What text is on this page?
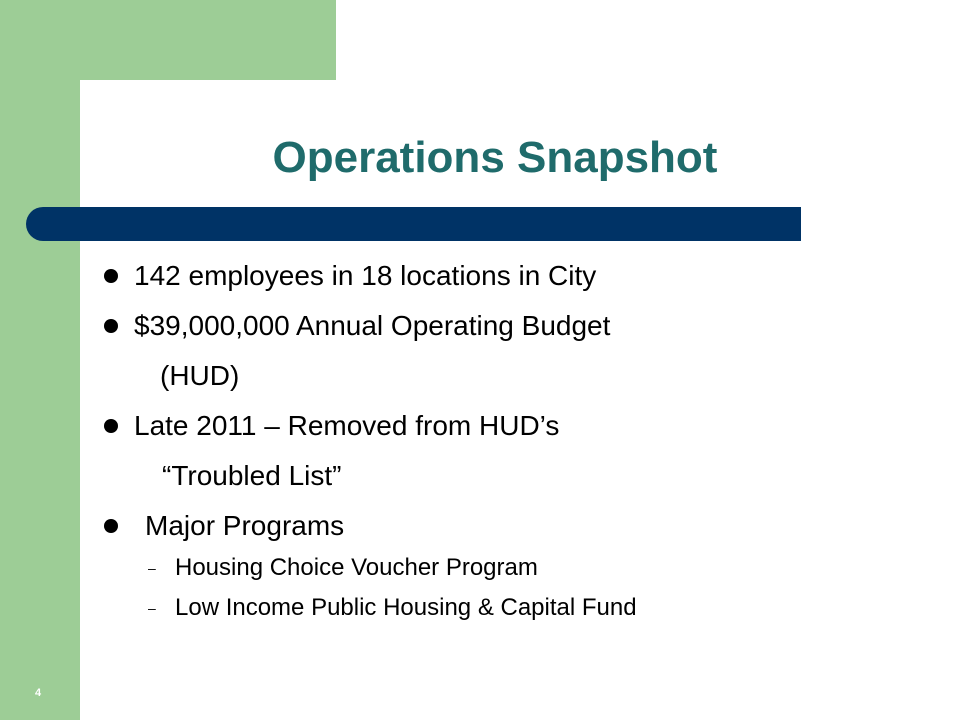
Operations Snapshot
142 employees in 18 locations in City
$39,000,000 Annual Operating Budget
(HUD)
Late 2011 – Removed from HUD’s
“Troubled List”
Major Programs
– Housing Choice Voucher Program
– Low Income Public Housing & Capital Fund
4
